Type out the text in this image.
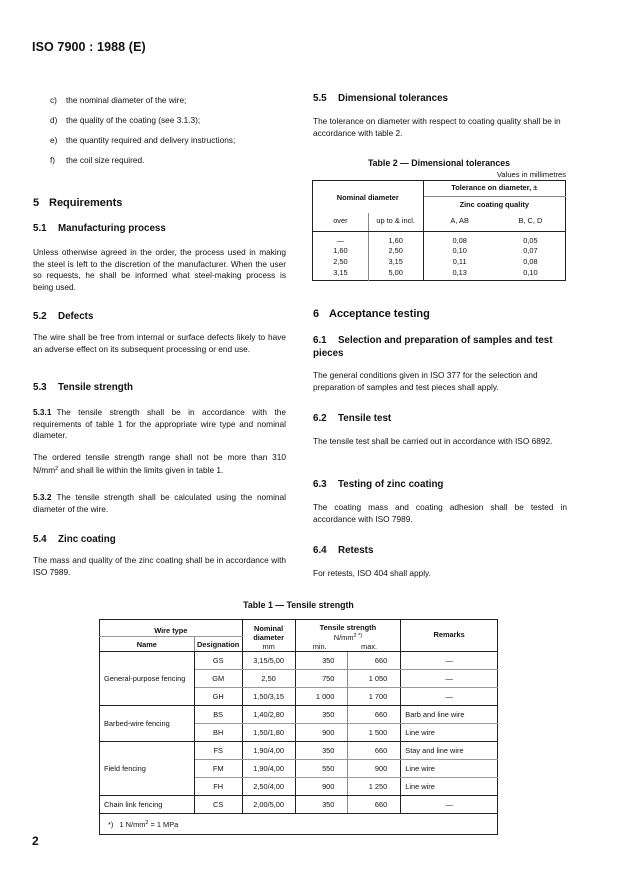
ISO 7900 : 1988 (E)
c) the nominal diameter of the wire;
d) the quality of the coating (see 3.1.3);
e) the quantity required and delivery instructions;
f) the coil size required.
5 Requirements
5.1 Manufacturing process
Unless otherwise agreed in the order, the process used in making the steel is left to the discretion of the manufacturer. When the user so requests, he shall be informed what steel-making process is being used.
5.2 Defects
The wire shall be free from internal or surface defects likely to have an adverse effect on its subsequent processing or end use.
5.3 Tensile strength
5.3.1 The tensile strength shall be in accordance with the requirements of table 1 for the appropriate wire type and nominal diameter.
The ordered tensile strength range shall not be more than 310 $N/mm^2$ and shall lie within the limits given in table 1.
5.3.2 The tensile strength shall be calculated using the nominal diameter of the wire.
5.4 Zinc coating
The mass and quality of the zinc coating shall be in accordance with ISO 7989.
5.5 Dimensional tolerances
The tolerance on diameter with respect to coating quality shall be in accordance with table 2.
Table 2 — Dimensional tolerances
Values in millimetres
Nominal diameter		Tolerance on diameter, ±	
		Zinc coating quality	
over	up to & incl.	A, AB	B, C, D
—	1,60	0,08	0,05
1,60	2,50	0,10	0,07
2,50	3,15	0,11	0,08
3,15	5,00	0,13	0,10
6 Acceptance testing
6.1 Selection and preparation of samples and test pieces
The general conditions given in ISO 377 for the selection and preparation of samples and test pieces shall apply.
6.2 Tensile test
The tensile test shall be carried out in accordance with ISO 6892.
6.3 Testing of zinc coating
The coating mass and coating adhesion shall be tested in accordance with ISO 7989.
6.4 Retests
For retests, ISO 404 shall apply.
Table 1 — Tensile strength
Wire type	Nominal
diameter
mm

Tensile strength
$N/mm^{2 *)}$
min.	max.
	Remarks
Name	Designation				
General-purpose fencing	GS	3,15/5,00	350	660	—
	GM	2,50	750	1 050	—
	GH	1,50/3,15	1 000	1 700	—
Barbed-wire fencing	BS	1,40/2,80	350	660	Barb and line wire
	BH	1,50/1,80	900	1 500	Line wire
Field fencing	FS	1,90/4,00	350	660	Stay and line wire
	FM	1,90/4,00	550	900	Line wire
	FH	2,50/4,00	900	1 250	Line wire
Chain link fencing	CS	2,00/5,00	350	660	—
*) 1 $N/mm^2 = 1$ MPa					
2
